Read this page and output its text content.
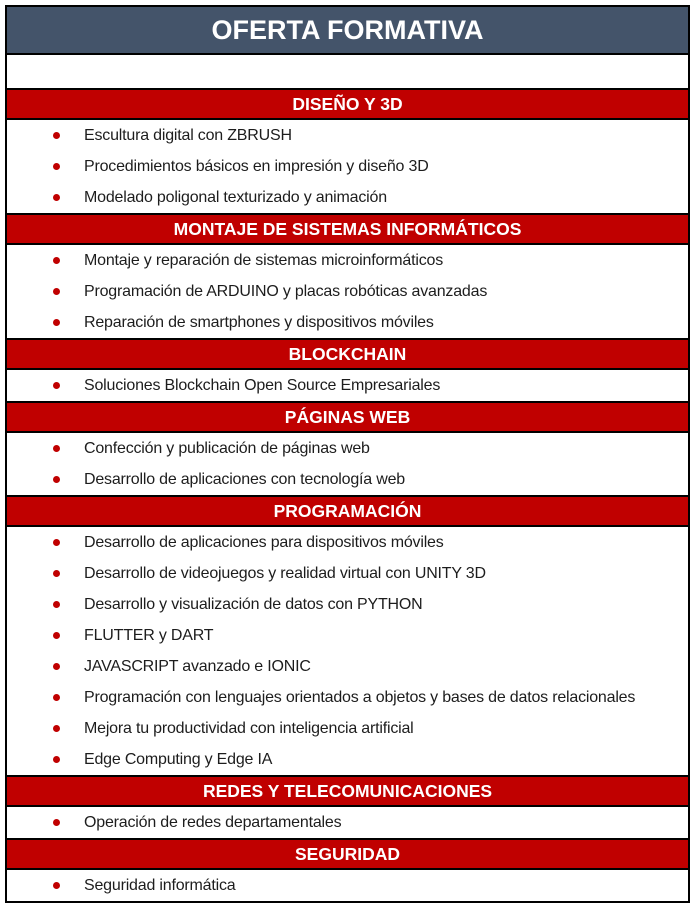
OFERTA FORMATIVA
DISEÑO Y 3D
Escultura digital con ZBRUSH
Procedimientos básicos en impresión y diseño 3D
Modelado poligonal texturizado y animación
MONTAJE DE SISTEMAS INFORMÁTICOS
Montaje y reparación de sistemas microinformáticos
Programación de ARDUINO y placas robóticas avanzadas
Reparación de smartphones y dispositivos móviles
BLOCKCHAIN
Soluciones Blockchain Open Source Empresariales
PÁGINAS WEB
Confección y publicación de páginas web
Desarrollo de aplicaciones con tecnología web
PROGRAMACIÓN
Desarrollo de aplicaciones para dispositivos móviles
Desarrollo de videojuegos y realidad virtual con UNITY 3D
Desarrollo y visualización de datos con PYTHON
FLUTTER y DART
JAVASCRIPT avanzado e IONIC
Programación con lenguajes orientados a objetos y bases de datos relacionales
Mejora tu productividad con inteligencia artificial
Edge Computing y Edge IA
REDES Y TELECOMUNICACIONES
Operación de redes departamentales
SEGURIDAD
Seguridad informática
